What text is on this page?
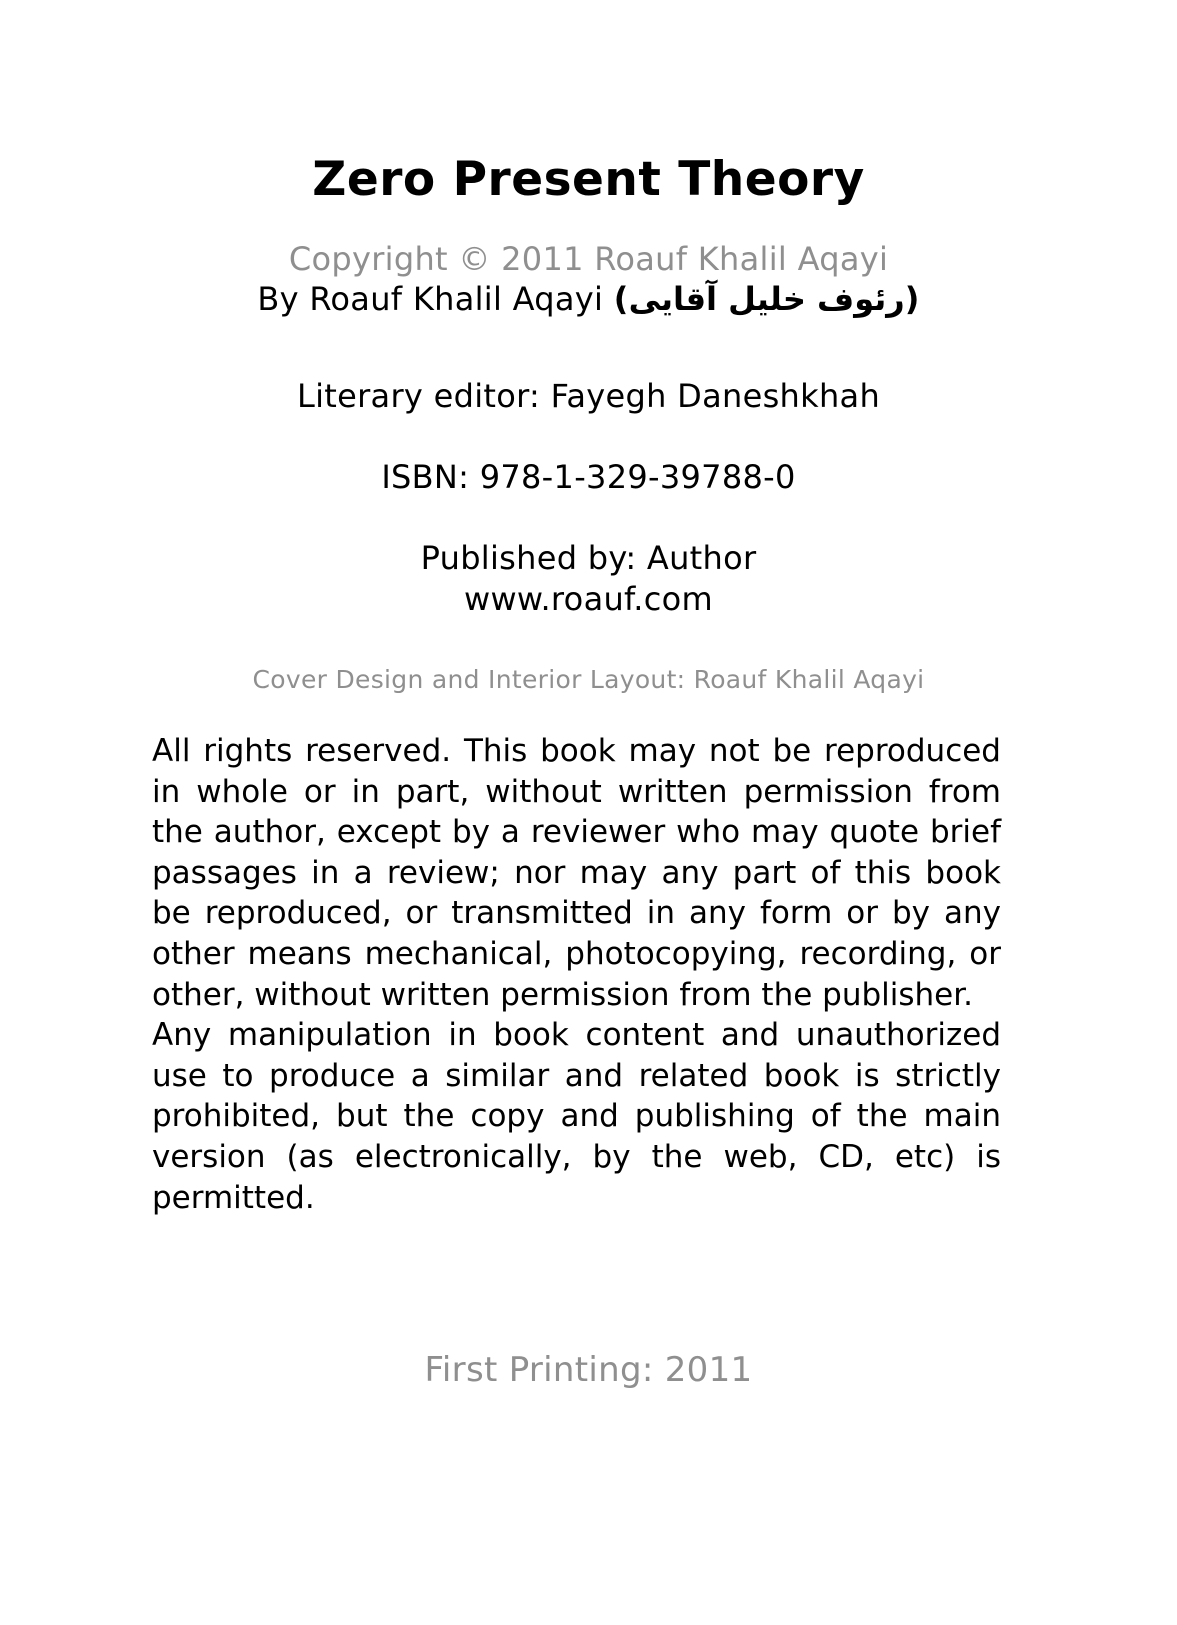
Zero Present Theory
Copyright © 2011 Roauf Khalil Aqayi
By Roauf Khalil Aqayi (رئوف خلیل آقایی)
Literary editor: Fayegh Daneshkhah
ISBN: 978-1-329-39788-0
Published by: Author
www.roauf.com
Cover Design and Interior Layout: Roauf Khalil Aqayi

All rights reserved. This book may not be reproduced in whole or in part, without written permission from the author, except by a reviewer who may quote brief passages in a review; nor may any part of this book be reproduced, or transmitted in any form or by any other means mechanical, photocopying, recording, or other, without written permission from the publisher.

Any manipulation in book content and unauthorized use to produce a similar and related book is strictly prohibited, but the copy and publishing of the main version (as electronically, by the web, CD, etc) is permitted.

First Printing: 2011
